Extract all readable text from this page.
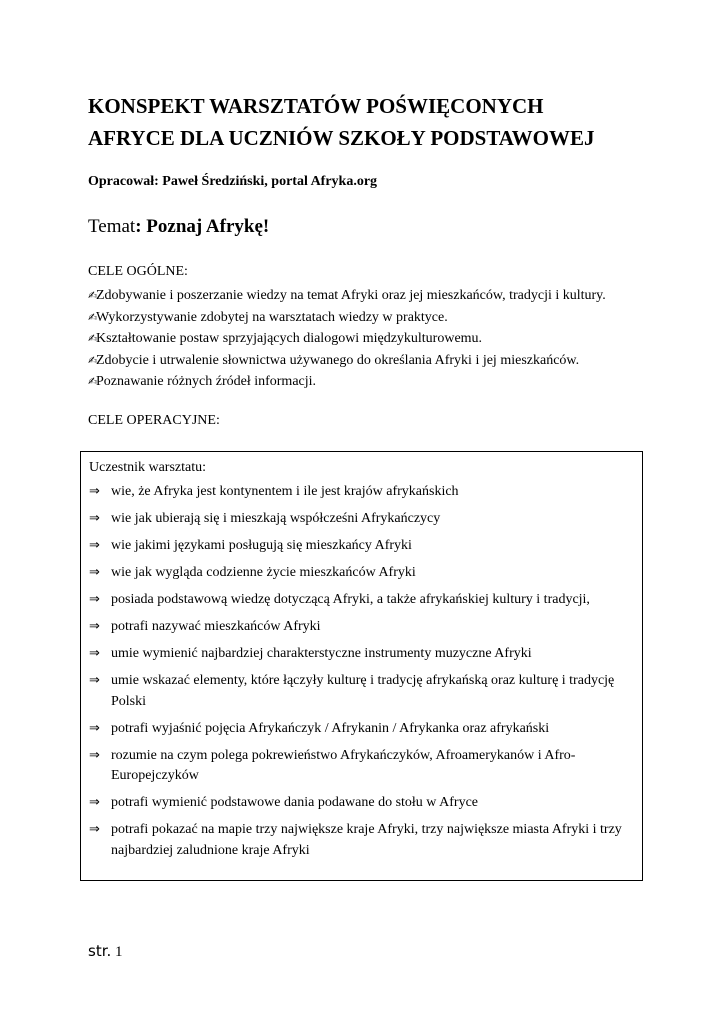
KONSPEKT WARSZTATÓW POŚWIĘCONYCH
AFRYCE DLA UCZNIÓW SZKOŁY PODSTAWOWEJ
Opracował: Paweł Średziński, portal Afryka.org
Temat: Poznaj Afrykę!
CELE OGÓLNE:
✍Zdobywanie i poszerzanie wiedzy na temat Afryki oraz jej mieszkańców, tradycji i kultury.
✍Wykorzystywanie zdobytej na warsztatach wiedzy w praktyce.
✍Kształtowanie postaw sprzyjających dialogowi międzykulturowemu.
✍Zdobycie i utrwalenie słownictwa używanego do określania Afryki i jej mieszkańców.
✍Poznawanie różnych źródeł informacji.
CELE OPERACYJNE:
Uczestnik warsztatu:
⇒ wie, że Afryka jest kontynentem i ile jest krajów afrykańskich
⇒ wie jak ubierają się i mieszkają współcześni Afrykańczycy
⇒ wie jakimi językami posługują się mieszkańcy Afryki
⇒ wie jak wygląda codzienne życie mieszkańców Afryki
⇒ posiada podstawową wiedzę dotyczącą Afryki, a także afrykańskiej kultury i tradycji,
⇒ potrafi nazywać mieszkańców Afryki
⇒ umie wymienić najbardziej charakterstyczne instrumenty muzyczne Afryki
⇒ umie wskazać elementy, które łączyły kulturę i tradycję afrykańską oraz kulturę i tradycję Polski
⇒ potrafi wyjaśnić pojęcia Afrykańczyk / Afrykanin / Afrykanka oraz afrykański
⇒ rozumie na czym polega pokrewieństwo Afrykańczyków, Afroamerykanów i Afro-Europejczyków
⇒ potrafi wymienić podstawowe dania podawane do stołu w Afryce
⇒ potrafi pokazać na mapie trzy największe kraje Afryki, trzy największe miasta Afryki i trzy najbardziej zaludnione kraje Afryki
str. 1
